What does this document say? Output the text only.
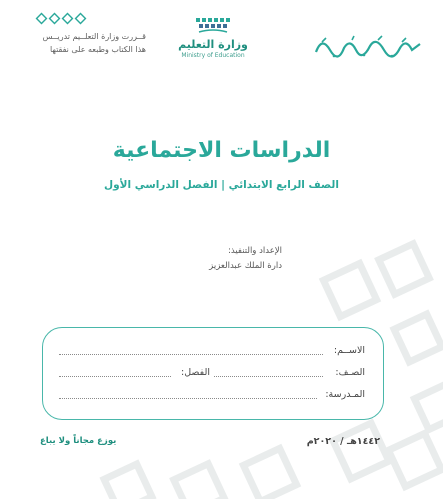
وزارة التعليم
Ministry of Education
قــررت وزارة التعلــيم تدريــس
هذا الكتاب وطبعه على نفقتها
الدراسات الاجتماعية
الصف الرابع الابتدائي | الفصل الدراسي الأول
الإعداد والتنفيذ:
دارة الملك عبدالعزيز
الاســم:
الصـف:
الفصل:
المـدرسة:
١٤٤٢هـ / ٢٠٢٠م
يوزع مجاناً ولا يباع
